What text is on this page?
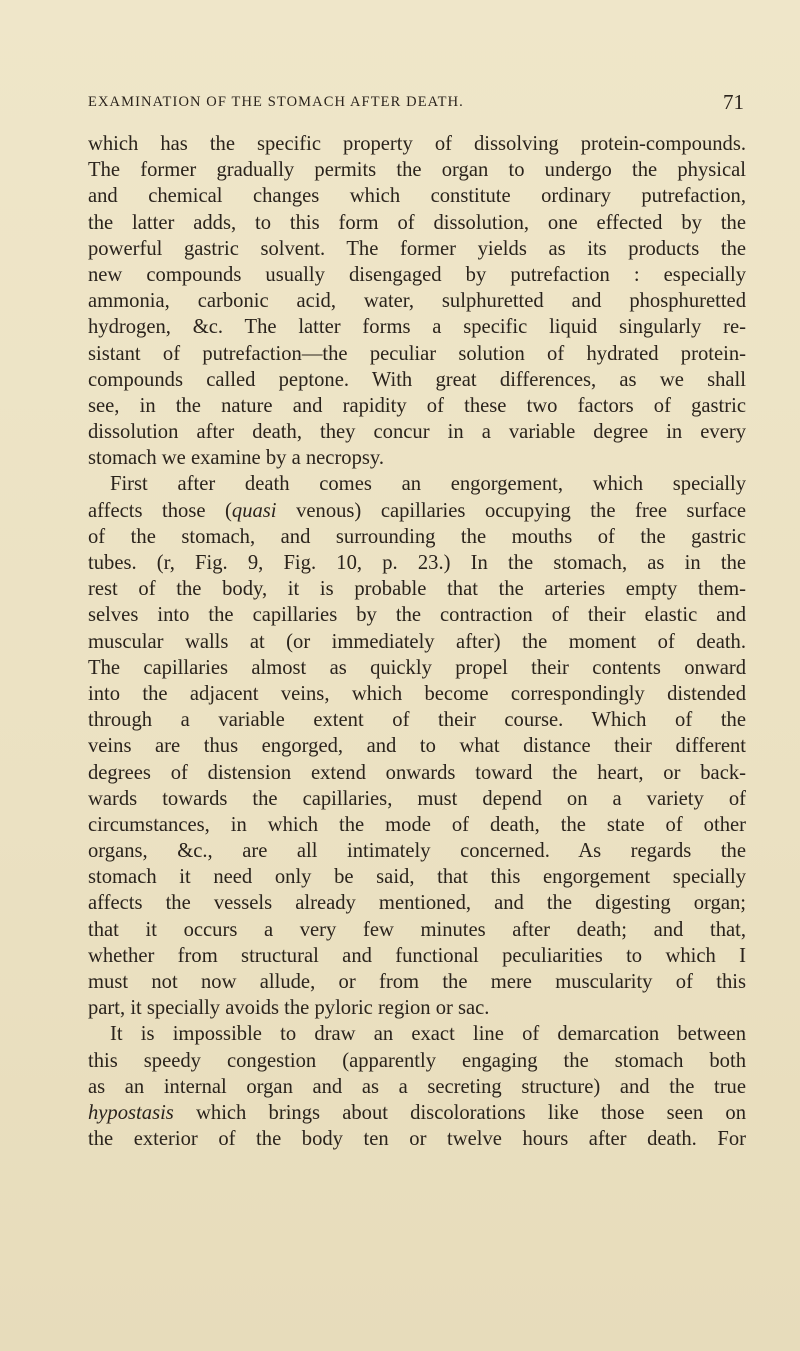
EXAMINATION OF THE STOMACH AFTER DEATH.	71
which has the specific property of dissolving protein-compounds.
The former gradually permits the organ to undergo the physical
and chemical changes which constitute ordinary putrefaction,
the latter adds, to this form of dissolution, one effected by the
powerful gastric solvent. The former yields as its products the
new compounds usually disengaged by putrefaction : especially
ammonia, carbonic acid, water, sulphuretted and phosphuretted
hydrogen, &c. The latter forms a specific liquid singularly re-
sistant of putrefaction—the peculiar solution of hydrated protein-
compounds called peptone. With great differences, as we shall
see, in the nature and rapidity of these two factors of gastric
dissolution after death, they concur in a variable degree in every
stomach we examine by a necropsy.
First after death comes an engorgement, which specially
affects those (quasi venous) capillaries occupying the free surface
of the stomach, and surrounding the mouths of the gastric
tubes. (r, Fig. 9, Fig. 10, p. 23.) In the stomach, as in the
rest of the body, it is probable that the arteries empty them-
selves into the capillaries by the contraction of their elastic and
muscular walls at (or immediately after) the moment of death.
The capillaries almost as quickly propel their contents onward
into the adjacent veins, which become correspondingly distended
through a variable extent of their course. Which of the
veins are thus engorged, and to what distance their different
degrees of distension extend onwards toward the heart, or back-
wards towards the capillaries, must depend on a variety of
circumstances, in which the mode of death, the state of other
organs, &c., are all intimately concerned. As regards the
stomach it need only be said, that this engorgement specially
affects the vessels already mentioned, and the digesting organ;
that it occurs a very few minutes after death; and that,
whether from structural and functional peculiarities to which I
must not now allude, or from the mere muscularity of this
part, it specially avoids the pyloric region or sac.
It is impossible to draw an exact line of demarcation between
this speedy congestion (apparently engaging the stomach both
as an internal organ and as a secreting structure) and the true
hypostasis which brings about discolorations like those seen on
the exterior of the body ten or twelve hours after death. For
